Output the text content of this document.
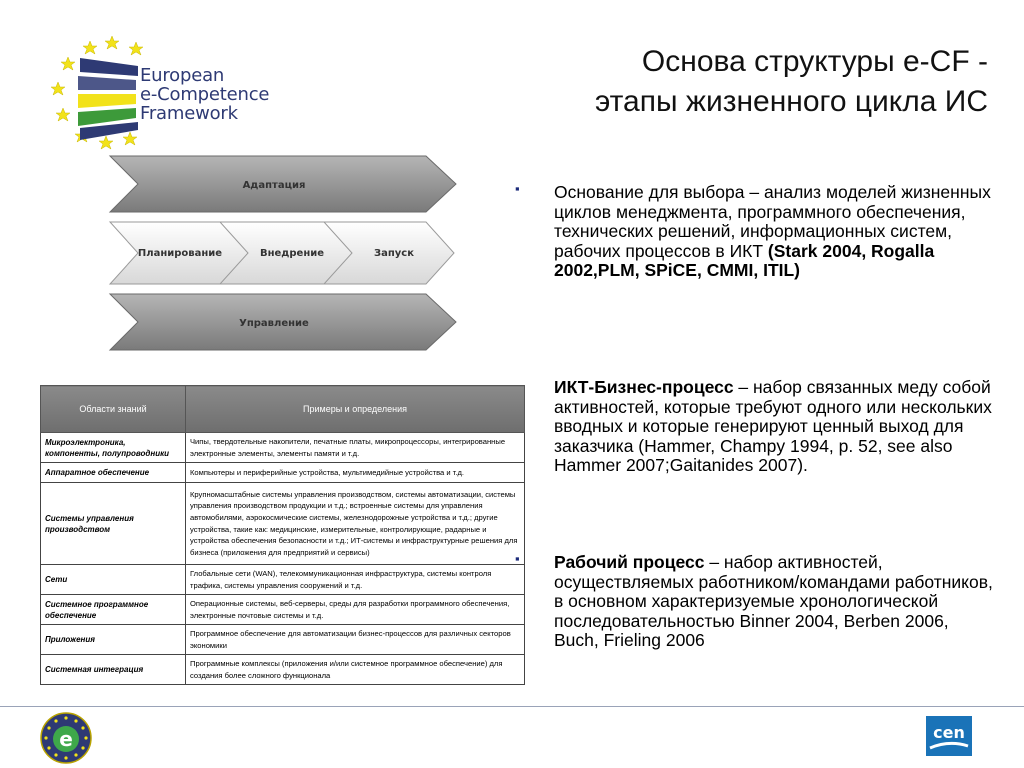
European
e-Competence
Framework
Основа структуры e-CF -
этапы жизненного цикла ИС
Адаптация
Планирование	Внедрение	Запуск
Управление
Области знаний	Примеры и определения
Микроэлектроника, компоненты, полупроводники	Чипы, твердотельные накопители, печатные платы, микропроцессоры, интегрированные электронные элементы, элементы памяти и т.д.
Аппаратное обеспечение	Компьютеры и периферийные устройства, мультимедийные устройства и т.д.
Системы управления производством	Крупномасштабные системы управления производством, системы автоматизации, системы управления производством продукции и т.д.; встроенные системы для управления автомобилями, аэрокосмические системы, железнодорожные устройства и т.д.; другие устройства, такие как: медицинские, измерительные, контролирующие, радарные и устройства обеспечения безопасности и т.д.; ИТ-системы и инфраструктурные решения для бизнеса (приложения для предприятий и сервисы)
Сети	Глобальные сети (WAN), телекоммуникационная инфраструктура, системы контроля трафика, системы управления сооружений и т.д.
Системное программное обеспечение	Операционные системы, веб-серверы, среды для разработки программного обеспечения, электронные почтовые системы и т.д.
Приложения	Программное обеспечение для автоматизации бизнес-процессов для различных секторов экономики
Системная интеграция	Программные комплексы (приложения и/или системное программное обеспечение) для создания более сложного функционала
▪ Основание для выбора – анализ моделей жизненных циклов менеджмента, программного обеспечения, технических решений, информационных систем, рабочих процессов в ИКТ (Stark 2004, Rogalla 2002,PLM, SPiCE, CMMI, ITIL)
ИКТ-Бизнес-процесс – набор связанных меду собой активностей, которые требуют одного или нескольких вводных и которые генерируют ценный выход для заказчика (Hammer, Champy 1994, p. 52, see also Hammer 2007;Gaitanides 2007).
▪ Рабочий процесс – набор активностей, осуществляемых работником/командами работников, в основном характеризуемые хронологической последовательностью Binner 2004, Berben 2006, Buch, Frieling 2006
e	cen
